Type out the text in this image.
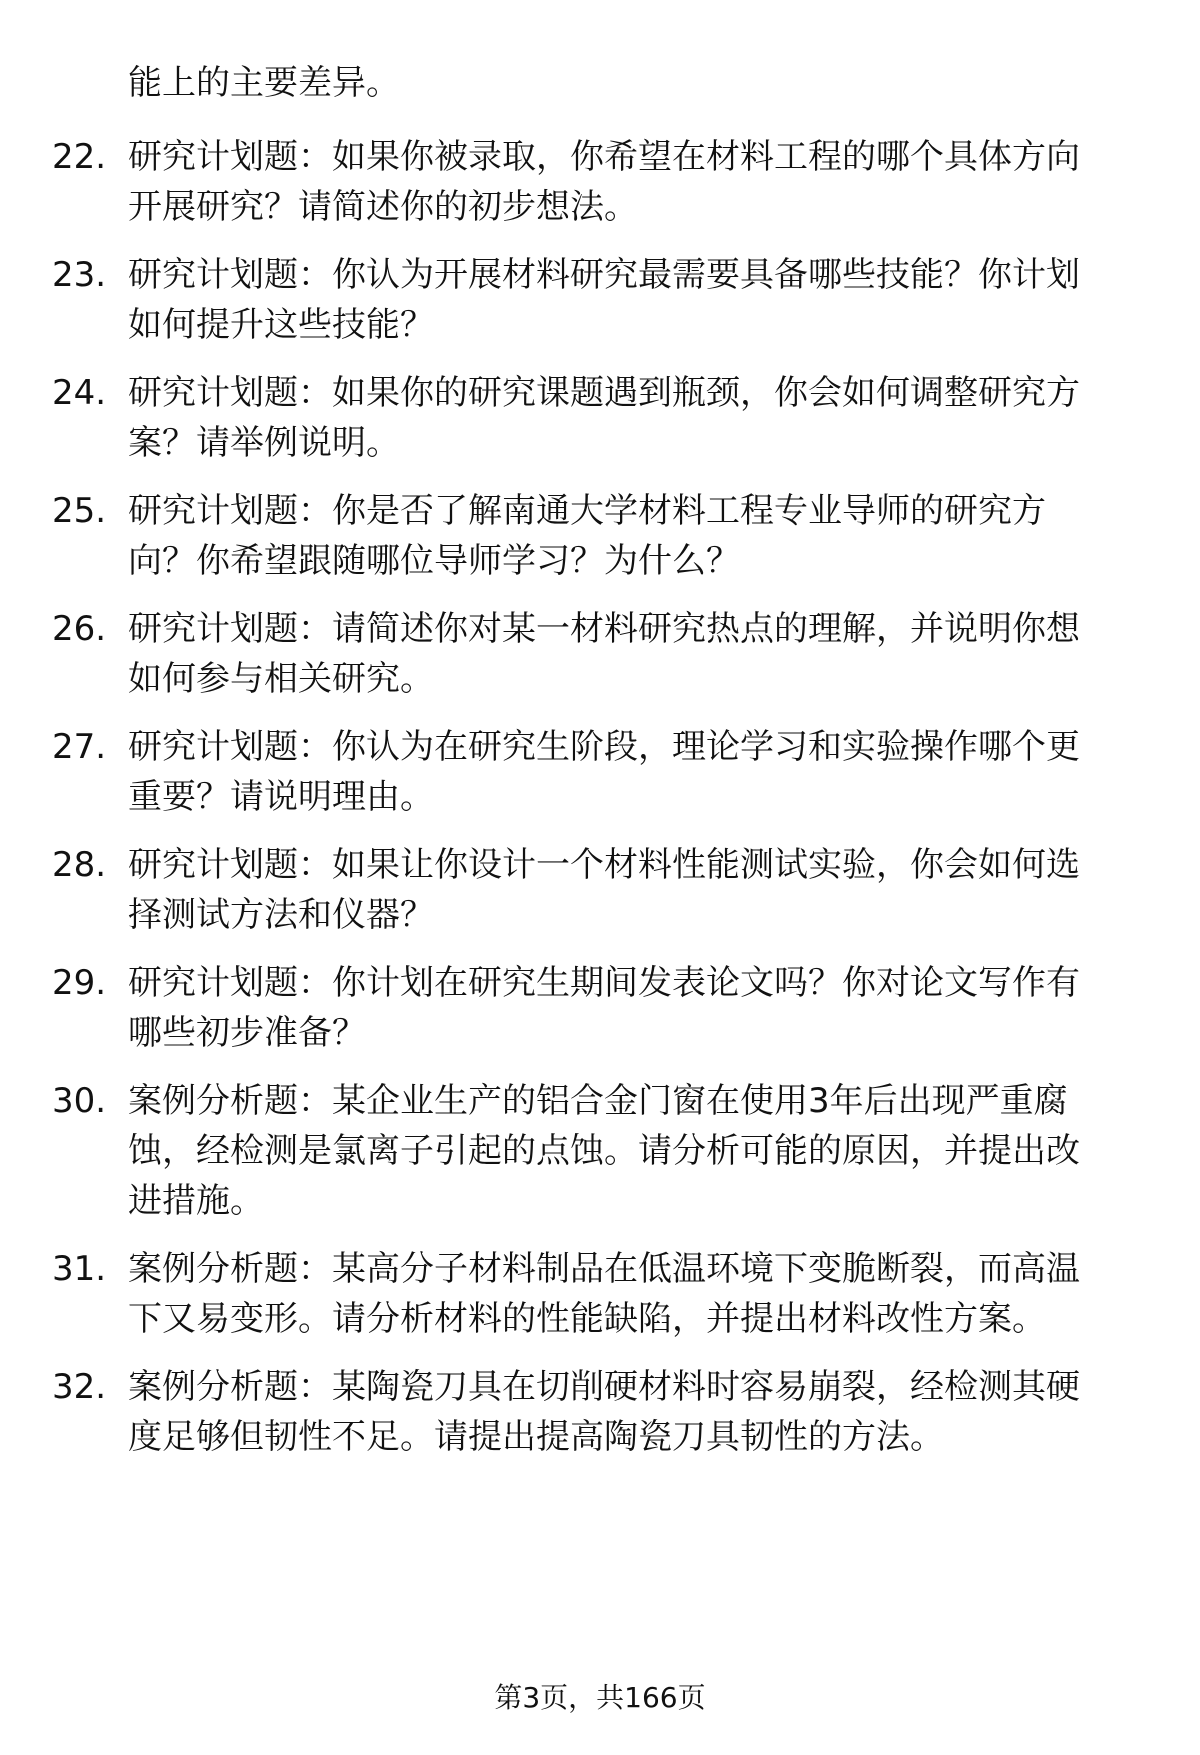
能上的主要差异。
22. 研究计划题：如果你被录取，你希望在材料工程的哪个具体方向
开展研究？请简述你的初步想法。
23. 研究计划题：你认为开展材料研究最需要具备哪些技能？你计划
如何提升这些技能？
24. 研究计划题：如果你的研究课题遇到瓶颈，你会如何调整研究方
案？请举例说明。
25. 研究计划题：你是否了解南通大学材料工程专业导师的研究方
向？你希望跟随哪位导师学习？为什么？
26. 研究计划题：请简述你对某一材料研究热点的理解，并说明你想
如何参与相关研究。
27. 研究计划题：你认为在研究生阶段，理论学习和实验操作哪个更
重要？请说明理由。
28. 研究计划题：如果让你设计一个材料性能测试实验，你会如何选
择测试方法和仪器？
29. 研究计划题：你计划在研究生期间发表论文吗？你对论文写作有
哪些初步准备？
30. 案例分析题：某企业生产的铝合金门窗在使用3年后出现严重腐
蚀，经检测是氯离子引起的点蚀。请分析可能的原因，并提出改
进措施。
31. 案例分析题：某高分子材料制品在低温环境下变脆断裂，而高温
下又易变形。请分析材料的性能缺陷，并提出材料改性方案。
32. 案例分析题：某陶瓷刀具在切削硬材料时容易崩裂，经检测其硬
度足够但韧性不足。请提出提高陶瓷刀具韧性的方法。
第3页，共166页
